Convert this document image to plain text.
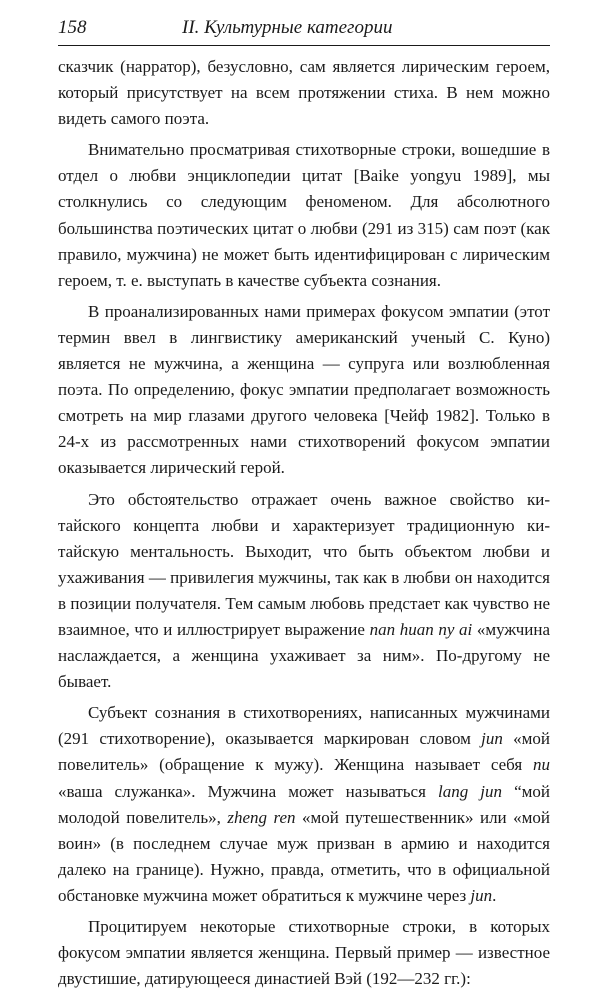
158	II. Культурные категории

сказчик (нарратор), безусловно, сам является лирическим героем, который присутствует на всем протяжении стиха. В нем можно видеть самого поэта.

Внимательно просматривая стихотворные строки, вошедшие в отдел о любви энциклопедии цитат [Baike yongyu 1989], мы столкнулись со следующим феноменом. Для абсолютного большинства поэтических цитат о любви (291 из 315) сам поэт (как правило, мужчина) не может быть идентифицирован с лирическим героем, т. е. выступать в качестве субъекта сознания.

В проанализированных нами примерах фокусом эмпатии (этот термин ввел в лингвистику американский ученый С. Куно) является не мужчина, а женщина — супруга или возлюбленная поэта. По определению, фокус эмпатии предполагает возможность смотреть на мир глазами другого человека [Чейф 1982]. Только в 24-х из рассмотренных нами стихотворений фокусом эмпатии оказывается лирический герой.

Это обстоятельство отражает очень важное свойство китайского концепта любви и характеризует традиционную китайскую ментальность. Выходит, что быть объектом любви и ухаживания — привилегия мужчины, так как в любви он находится в позиции получателя. Тем самым любовь предстает как чувство не взаимное, что и иллюстрирует выражение nan huan ny ai «мужчина наслаждается, а женщина ухаживает за ним». По-другому не бывает.

Субъект сознания в стихотворениях, написанных мужчинами (291 стихотворение), оказывается маркирован словом jun «мой повелитель» (обращение к мужу). Женщина называет себя nu «ваша служанка». Мужчина может называться lang jun “мой молодой повелитель», zheng ren «мой путешественник» или «мой воин» (в последнем случае муж призван в армию и находится далеко на границе). Нужно, правда, отметить, что в официальной обстановке мужчина может обратиться к мужчине через jun.

Процитируем некоторые стихотворные строки, в которых фокусом эмпатии является женщина. Первый пример — известное двустишие, датирующееся династией Вэй (192—232 гг.):
